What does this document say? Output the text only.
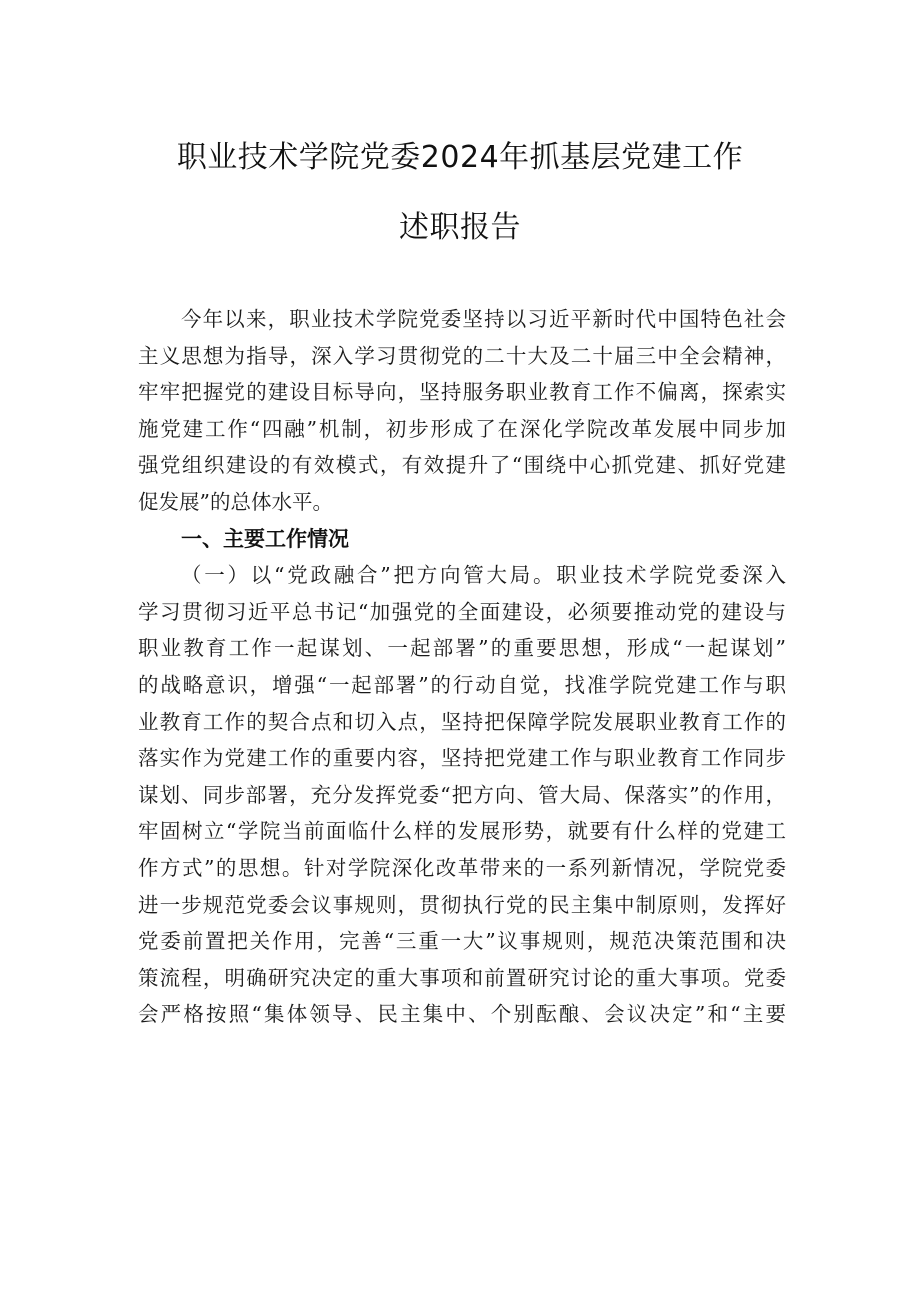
职业技术学院党委2024年抓基层党建工作
述职报告
今年以来，职业技术学院党委坚持以习近平新时代中国特色社会
主义思想为指导，深入学习贯彻党的二十大及二十届三中全会精神，
牢牢把握党的建设目标导向，坚持服务职业教育工作不偏离，探索实
施党建工作“四融”机制，初步形成了在深化学院改革发展中同步加
强党组织建设的有效模式，有效提升了“围绕中心抓党建、抓好党建
促发展”的总体水平。
一、主要工作情况
（一）以“党政融合”把方向管大局。职业技术学院党委深入
学习贯彻习近平总书记“加强党的全面建设，必须要推动党的建设与
职业教育工作一起谋划、一起部署”的重要思想，形成“一起谋划”
的战略意识，增强“一起部署”的行动自觉，找准学院党建工作与职
业教育工作的契合点和切入点，坚持把保障学院发展职业教育工作的
落实作为党建工作的重要内容，坚持把党建工作与职业教育工作同步
谋划、同步部署，充分发挥党委“把方向、管大局、保落实”的作用，
牢固树立“学院当前面临什么样的发展形势，就要有什么样的党建工
作方式”的思想。针对学院深化改革带来的一系列新情况，学院党委
进一步规范党委会议事规则，贯彻执行党的民主集中制原则，发挥好
党委前置把关作用，完善“三重一大”议事规则，规范决策范围和决
策流程，明确研究决定的重大事项和前置研究讨论的重大事项。党委
会严格按照“集体领导、民主集中、个别酝酿、会议决定”和“主要
